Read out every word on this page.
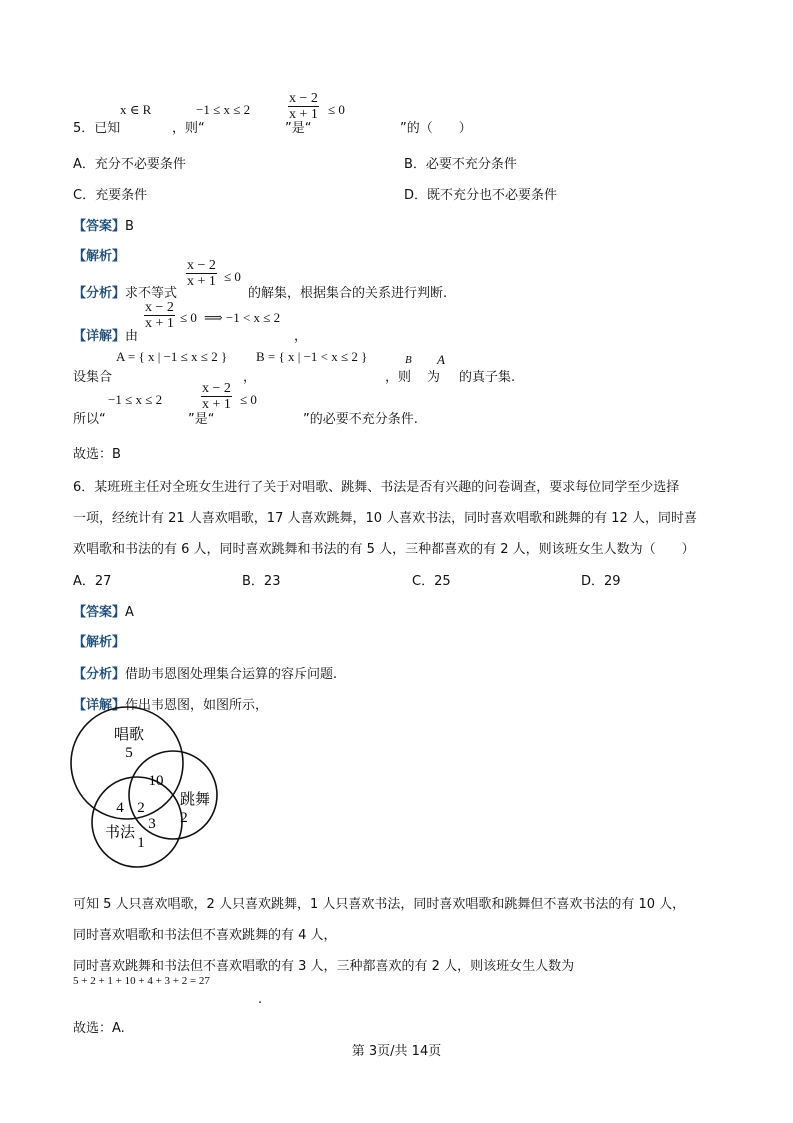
x ∈ R	−1 ≤ x ≤ 2	$\frac{x - 2}{x + 1} \le 0$
5．已知	，则“	”是“	”的（　　）
A．充分不必要条件	B．必要不充分条件
C．充要条件	D．既不充分也不必要条件
【答案】B
【解析】
$\frac{x - 2}{x + 1} \le 0$
【分析】求不等式	的解集，根据集合的关系进行判断.
$\frac{x - 2}{x + 1} \le 0$ ⟹ −1 < x ≤ 2
【详解】由	，
A = { x | −1 ≤ x ≤ 2 } B = { x | −1 < x ≤ 2 }	B A
设集合	，	，则 为 的真子集.
−1 ≤ x ≤ 2	$\frac{x - 2}{x + 1} \le 0$
所以“	”是“	”的必要不充分条件.
故选：B
6．某班班主任对全班女生进行了关于对唱歌、跳舞、书法是否有兴趣的问卷调查，要求每位同学至少选择
一项，经统计有 21 人喜欢唱歌，17 人喜欢跳舞，10 人喜欢书法，同时喜欢唱歌和跳舞的有 12 人，同时喜
欢唱歌和书法的有 6 人，同时喜欢跳舞和书法的有 5 人，三种都喜欢的有 2 人，则该班女生人数为（　　）
A．27	B．23	C．25	D．29
【答案】A
【解析】
【分析】借助韦恩图处理集合运算的容斥问题.
【详解】作出韦恩图，如图所示，
唱歌
5
10
跳舞
2
4 2
3
书法
1
可知 5 人只喜欢唱歌，2 人只喜欢跳舞，1 人只喜欢书法，同时喜欢唱歌和跳舞但不喜欢书法的有 10 人，
同时喜欢唱歌和书法但不喜欢跳舞的有 4 人，
同时喜欢跳舞和书法但不喜欢唱歌的有 3 人，三种都喜欢的有 2 人，则该班女生人数为
5 + 2 + 1 + 10 + 4 + 3 + 2 = 27
.
故选：A.
第 3页/共 14页
